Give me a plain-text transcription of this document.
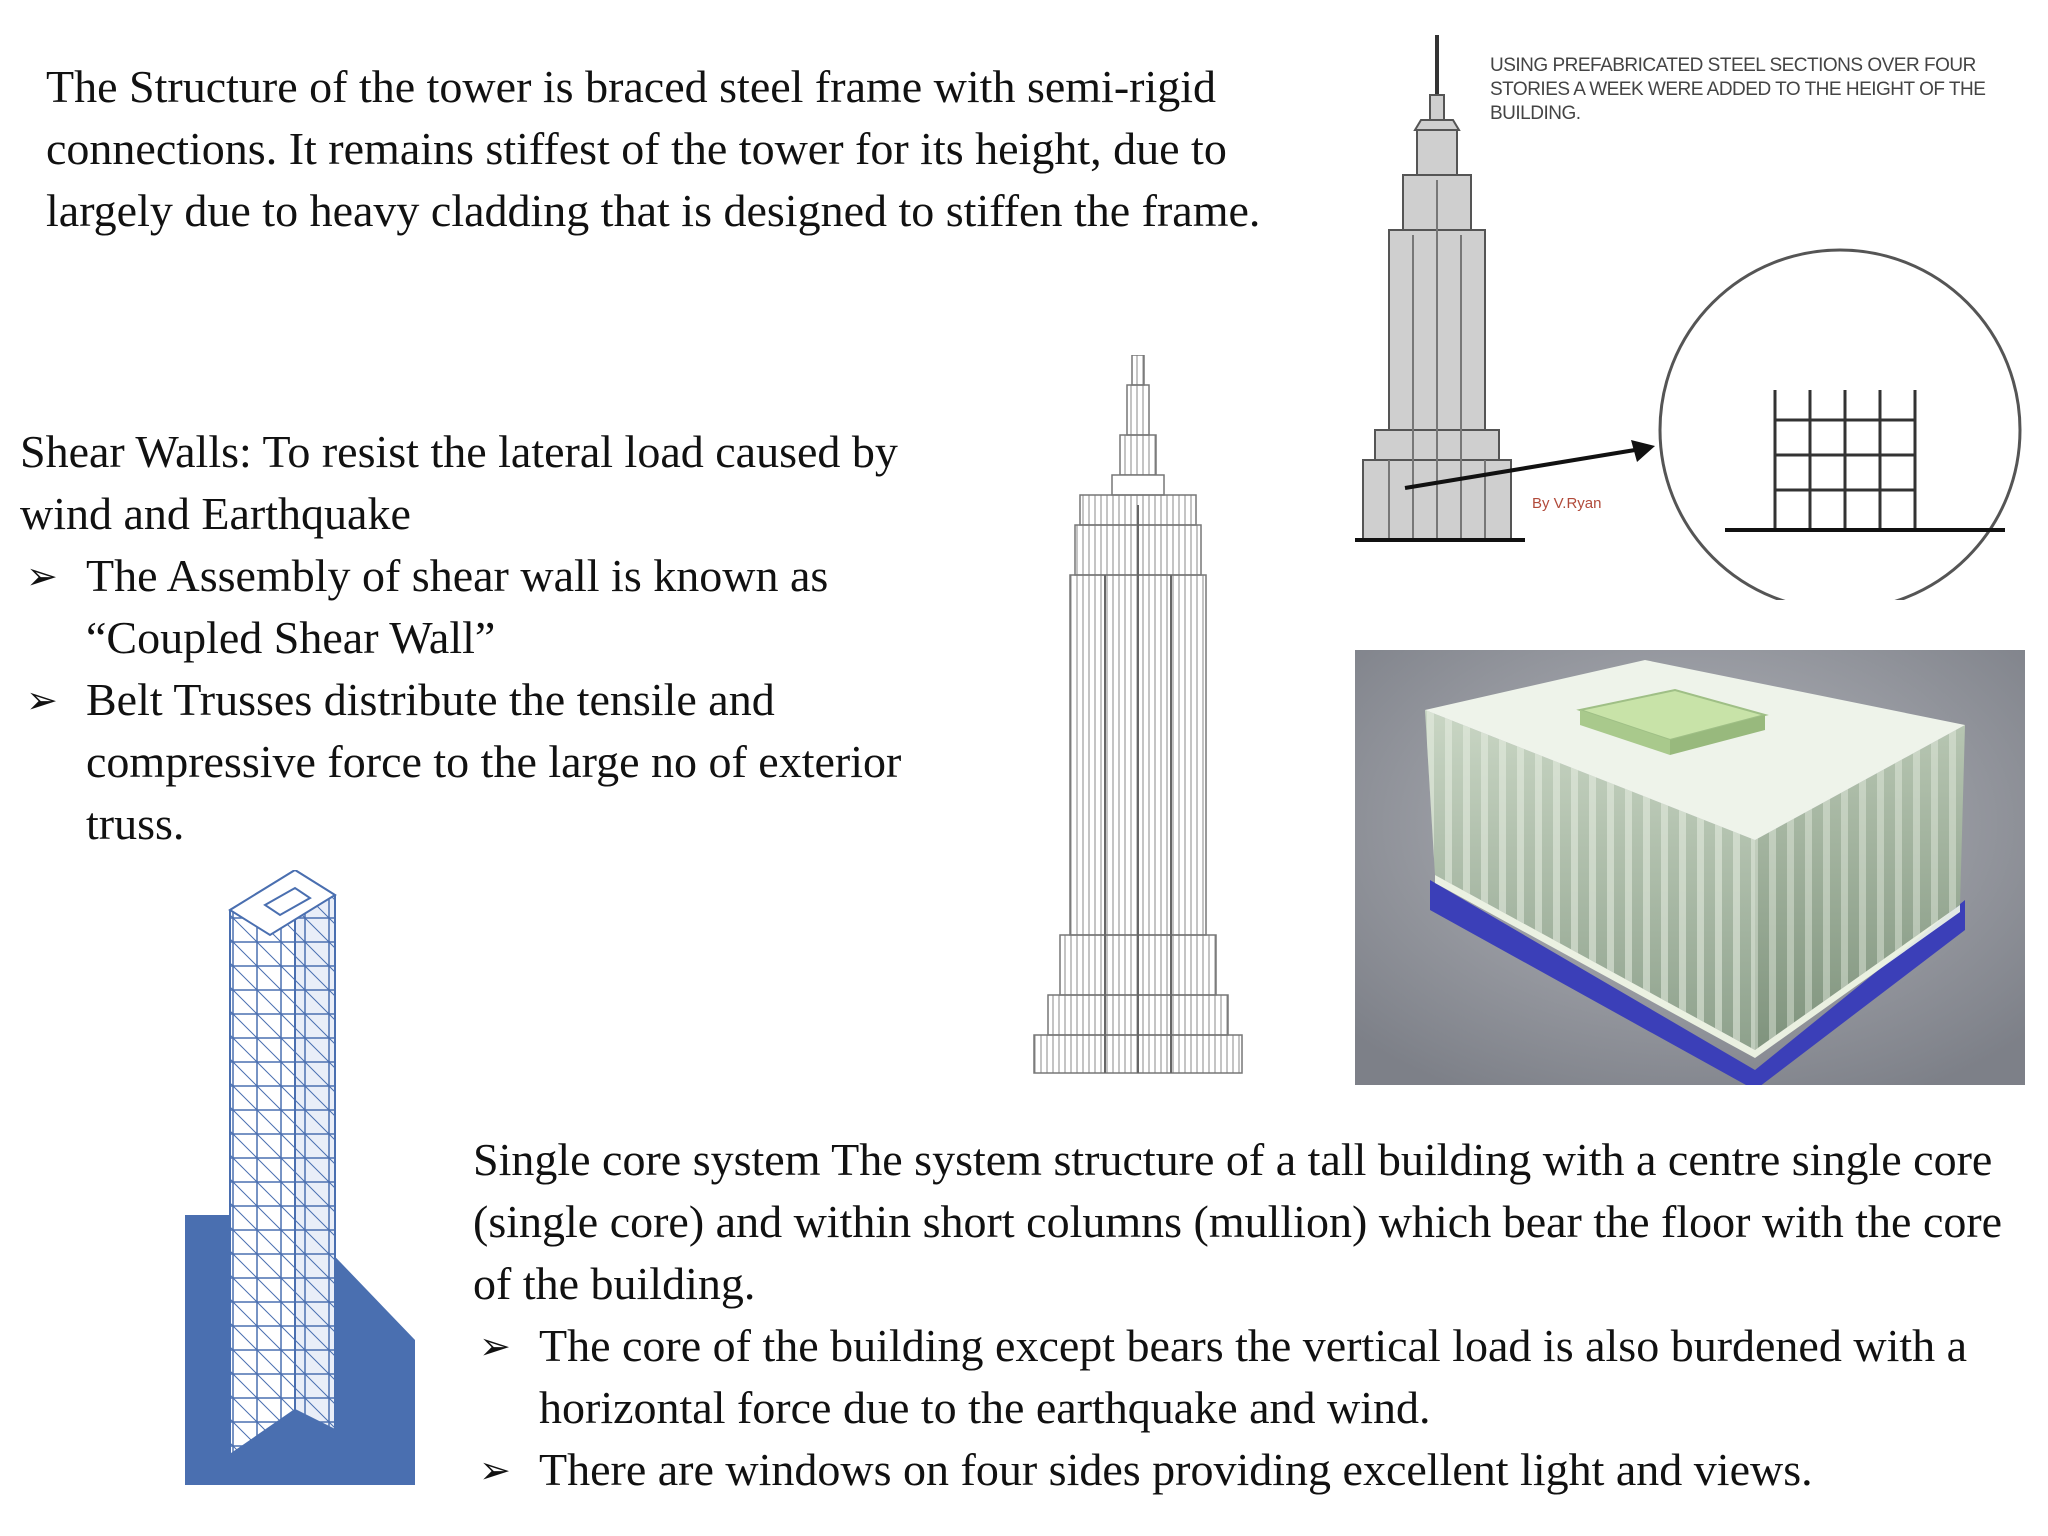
The Structure of the tower is braced steel frame with semi-rigid connections. It remains stiffest of the tower for its height, due to largely due to heavy cladding that is designed to stiffen the frame.

Shear Walls: To resist the lateral load caused by wind and Earthquake

➢ The Assembly of shear wall is known as “Coupled Shear Wall”
➢ Belt Trusses distribute the tensile and compressive force to the large no of exterior truss.

Single core system The system structure of a tall building with a centre single core (single core) and within short columns (mullion) which bear the floor with the core of the building.

➢ The core of the building except bears the vertical load is also burdened with a horizontal force due to the earthquake and wind.
➢ There are windows on four sides providing excellent light and views.

USING PREFABRICATED STEEL SECTIONS OVER FOUR STORIES A WEEK WERE ADDED TO THE HEIGHT OF THE BUILDING.

By V.Ryan
